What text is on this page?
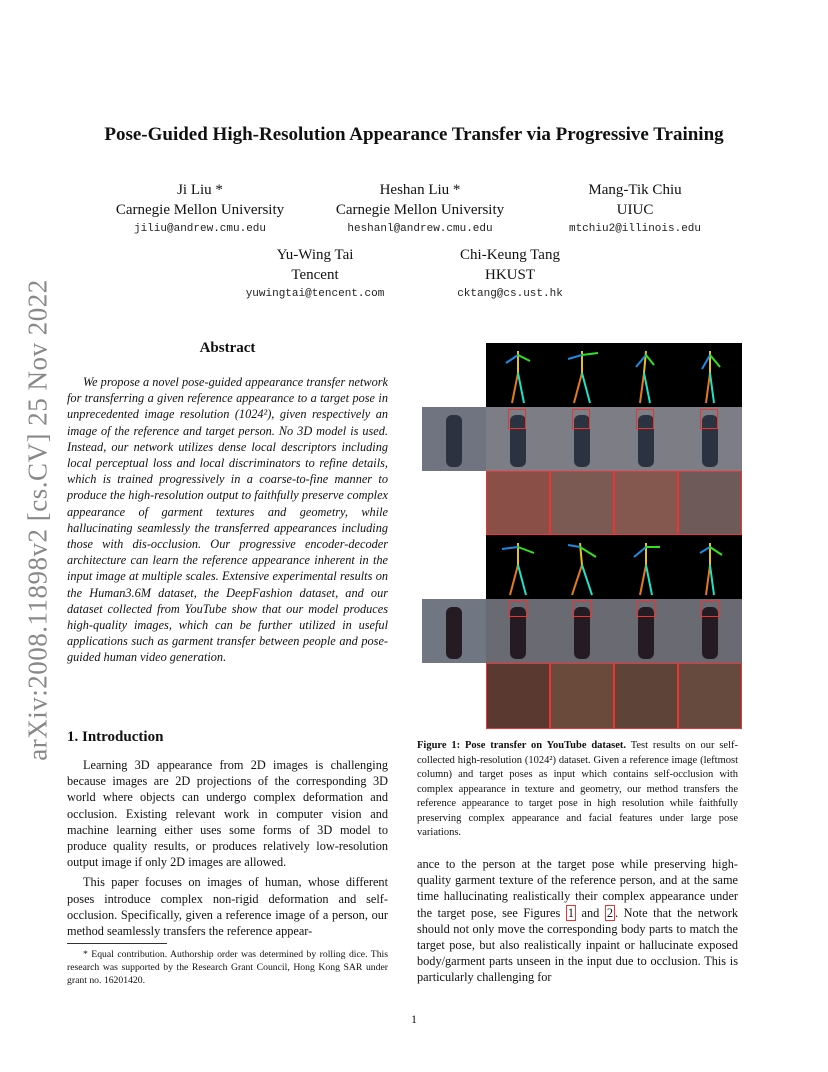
arXiv:2008.11898v2 [cs.CV] 25 Nov 2022
Pose-Guided High-Resolution Appearance Transfer via Progressive Training
Ji Liu *
Carnegie Mellon University
jiliu@andrew.cmu.edu
Heshan Liu *
Carnegie Mellon University
heshanl@andrew.cmu.edu
Mang-Tik Chiu
UIUC
mtchiu2@illinois.edu
Yu-Wing Tai
Tencent
yuwingtai@tencent.com
Chi-Keung Tang
HKUST
cktang@cs.ust.hk
Abstract

We propose a novel pose-guided appearance transfer network for transferring a given reference appearance to a target pose in unprecedented image resolution (1024²), given respectively an image of the reference and target person. No 3D model is used. Instead, our network utilizes dense local descriptors including local perceptual loss and local discriminators to refine details, which is trained progressively in a coarse-to-fine manner to produce the high-resolution output to faithfully preserve complex appearance of garment textures and geometry, while hallucinating seamlessly the transferred appearances including those with dis-occlusion. Our progressive encoder-decoder architecture can learn the reference appearance inherent in the input image at multiple scales. Extensive experimental results on the Human3.6M dataset, the DeepFashion dataset, and our dataset collected from YouTube show that our model produces high-quality images, which can be further utilized in useful applications such as garment transfer between people and pose-guided human video generation.

1. Introduction

Learning 3D appearance from 2D images is challenging because images are 2D projections of the corresponding 3D world where objects can undergo complex deformation and occlusion. Existing relevant work in computer vision and machine learning either uses some forms of 3D model to produce quality results, or produces relatively low-resolution output image if only 2D images are allowed.

This paper focuses on images of human, whose different poses introduce complex non-rigid deformation and self-occlusion. Specifically, given a reference image of a person, our method seamlessly transfers the reference appear-

* Equal contribution. Authorship order was determined by rolling dice. This research was supported by the Research Grant Council, Hong Kong SAR under grant no. 16201420.
Figure 1: Pose transfer on YouTube dataset. Test results on our self-collected high-resolution (1024²) dataset. Given a reference image (leftmost column) and target poses as input which contains self-occlusion with complex appearance in texture and geometry, our method transfers the reference appearance to target pose in high resolution while faithfully preserving complex appearance and facial features under large pose variations.
ance to the person at the target pose while preserving high-quality garment texture of the reference person, and at the same time hallucinating realistically their complex appearance under the target pose, see Figures 1 and 2 . Note that the network should not only move the corresponding body parts to match the target pose, but also realistically inpaint or hallucinate exposed body/garment parts unseen in the input due to occlusion. This is particularly challenging for
1
